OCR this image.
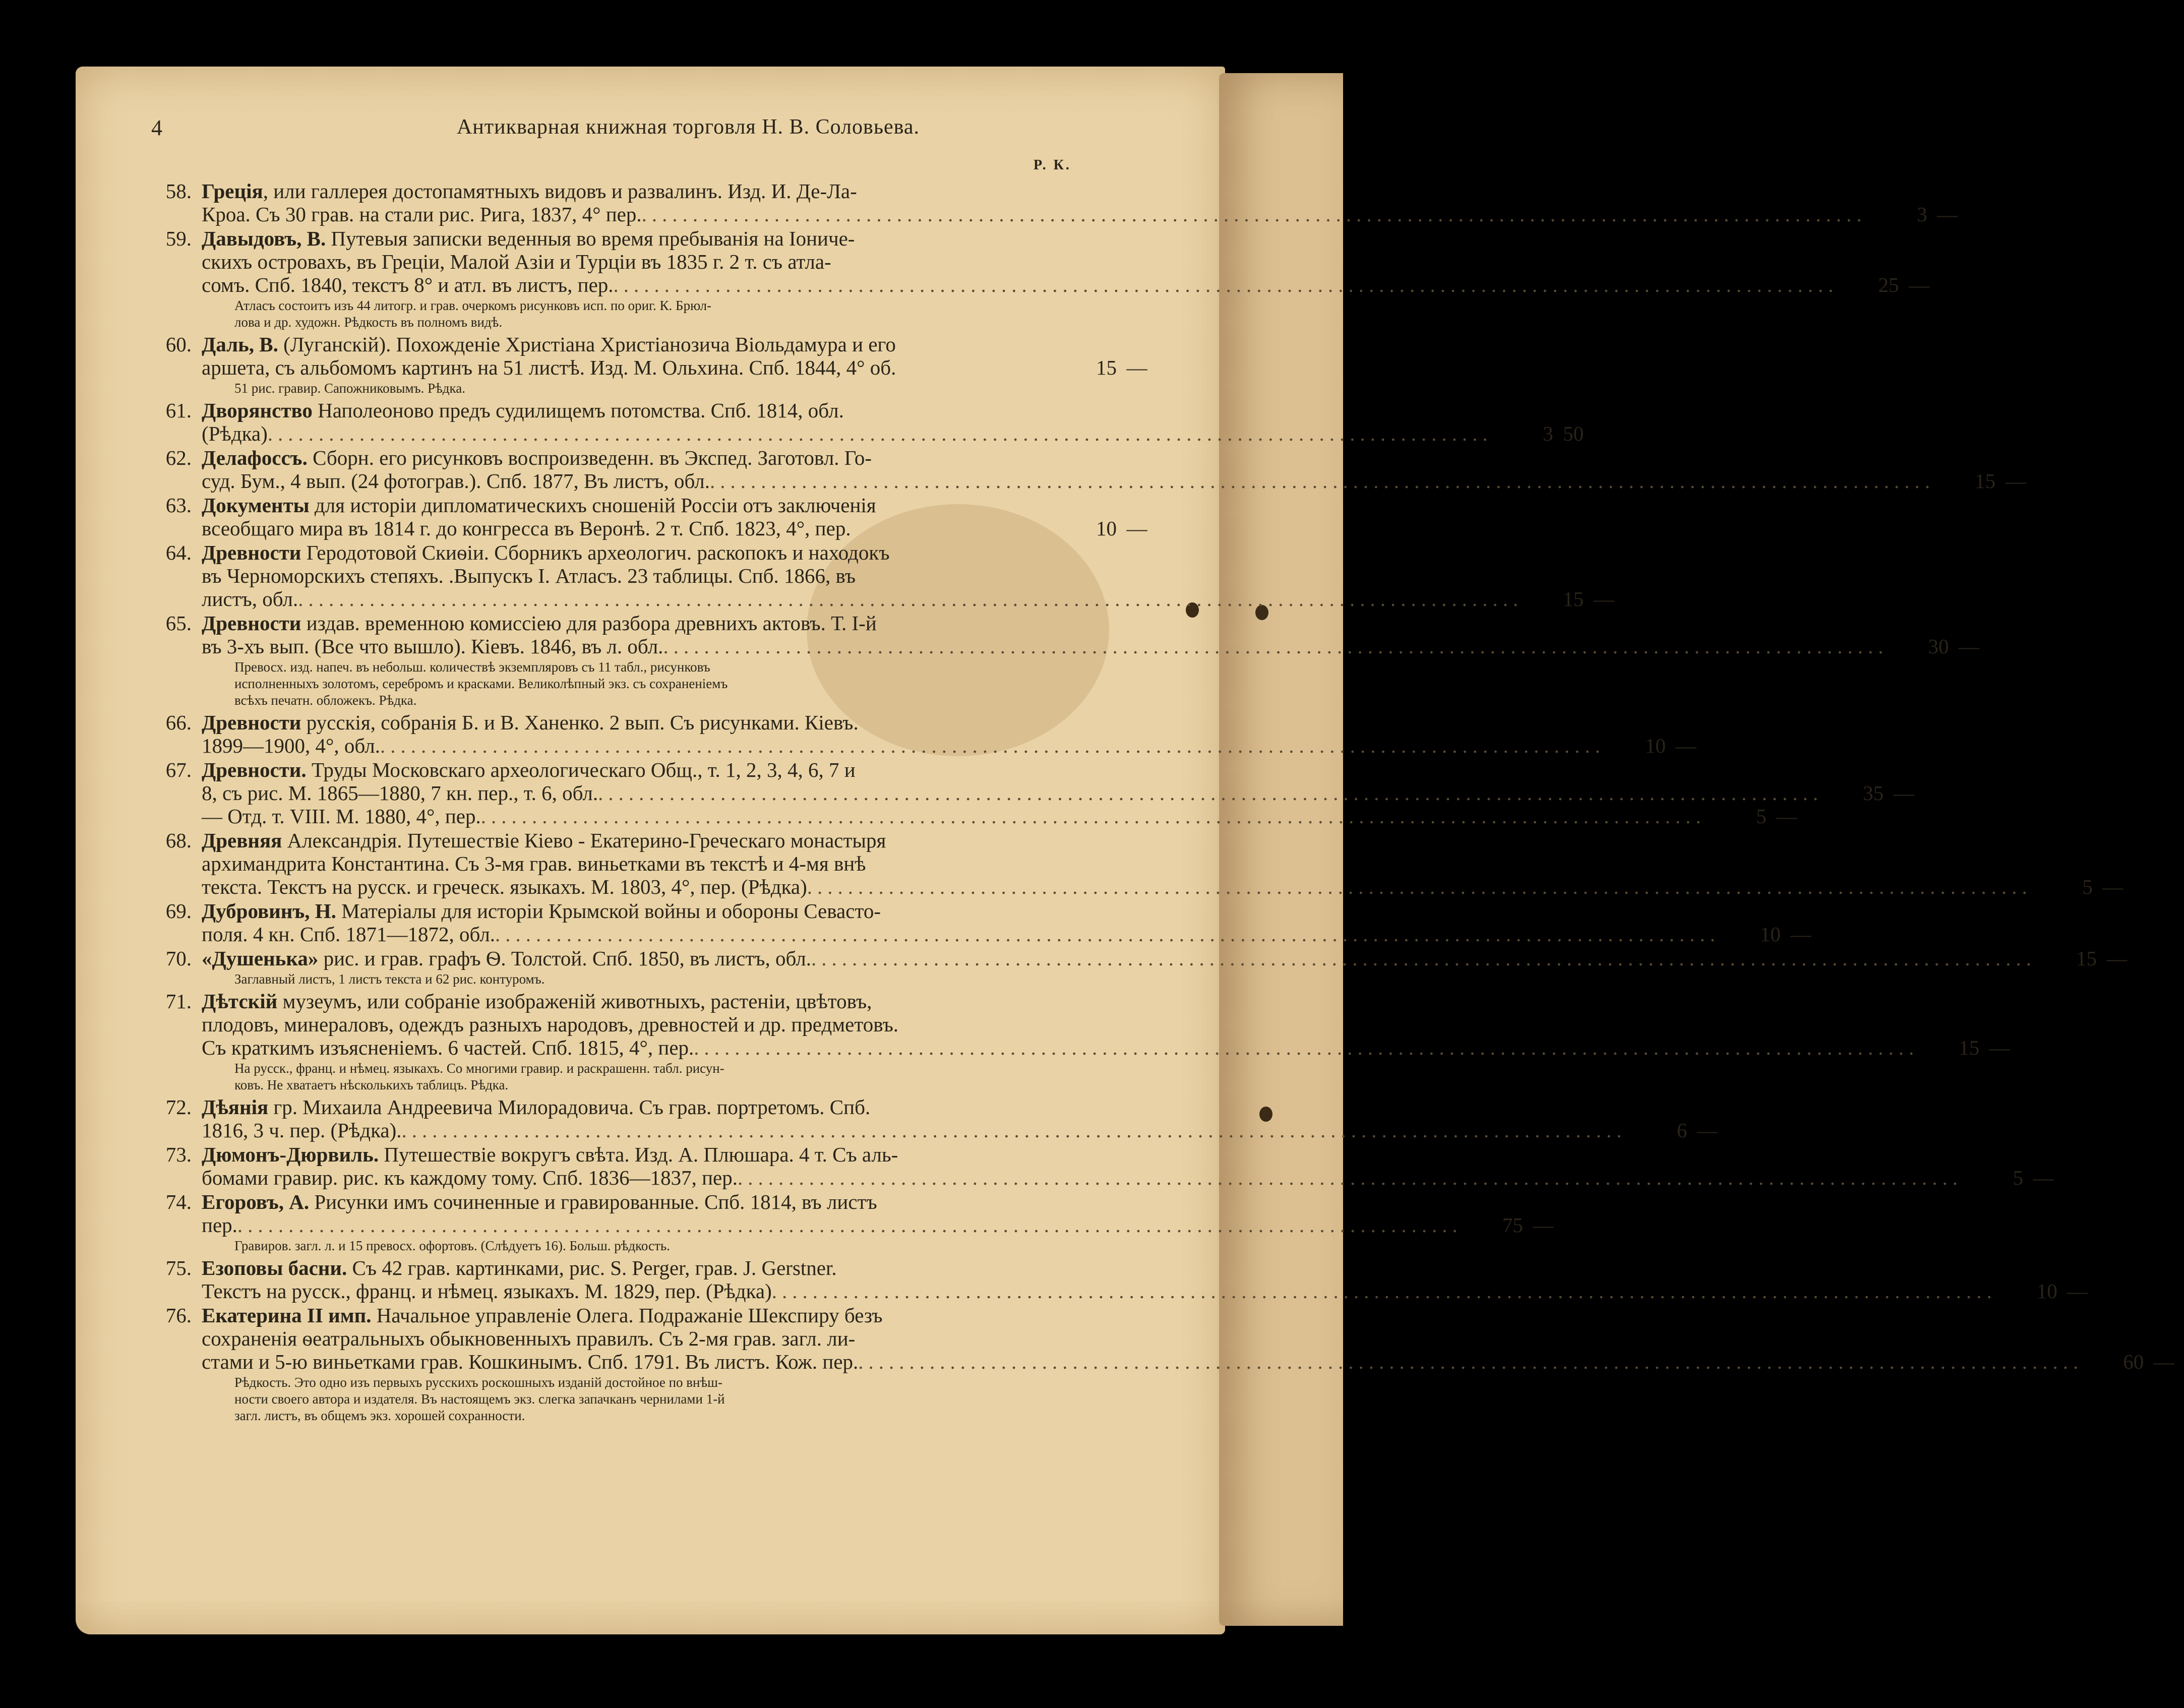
4	Антикварная книжная торговля Н. В. Соловьева.
Р. К.
58. Греція, или галлерея достопамятныхъ видовъ и развалинъ. Изд. И. Де-Ла-
Кроа. Съ 30 грав. на стали рис. Рига, 1837, 4° пер. ........................................................................................................................	3 —
59. Давыдовъ, В. Путевыя записки веденныя во время пребыванія на Іониче-
скихъ островахъ, въ Греціи, Малой Азіи и Турціи въ 1835 г. 2 т. съ атла-
сомъ. Спб. 1840, текстъ 8° и атл. въ листъ, пер. ........................................................................................................................	25 —
Атласъ состоитъ изъ 44 литогр. и грав. очеркомъ рисунковъ исп. по ориг. К. Брюл-
лова и др. художн. Рѣдкость въ полномъ видѣ.
60. Даль, В. (Луганскій). Похожденіе Христіана Христіанозича Віольдамура и его
аршета, съ альбомомъ картинъ на 51 листѣ. Изд. М. Ольхина. Спб. 1844, 4° об.	15 —
51 рис. гравир. Сапожниковымъ. Рѣдка.
61. Дворянство Наполеоново предъ судилищемъ потомства. Спб. 1814, обл.
(Рѣдка) ........................................................................................................................	3 50
62. Делафоссъ. Сборн. его рисунковъ воспроизведенн. въ Экспед. Заготовл. Го-
суд. Бум., 4 вып. (24 фотограв.). Спб. 1877, Въ листъ, обл. ........................................................................................................................	15 —
63. Документы для исторіи дипломатическихъ сношеній Россіи отъ заключенія
всеобщаго мира въ 1814 г. до конгресса въ Веронѣ. 2 т. Спб. 1823, 4°, пер.	10 —
64. Древности Геродотовой Скиѳіи. Сборникъ археологич. раскопокъ и находокъ
въ Черноморскихъ степяхъ. .Выпускъ I. Атласъ. 23 таблицы. Спб. 1866, въ
листъ, обл. ........................................................................................................................	15 —
65. Древности издав. временною комиссіею для разбора древнихъ актовъ. Т. I-й
въ 3-хъ вып. (Все что вышло). Кіевъ. 1846, въ л. обл. ........................................................................................................................	30 —
Превосх. изд. напеч. въ небольш. количествѣ экземпляровъ съ 11 табл., рисунковъ
исполненныхъ золотомъ, серебромъ и красками. Великолѣпный экз. съ сохраненіемъ
всѣхъ печатн. обложекъ. Рѣдка.
66. Древности русскія, собранія Б. и В. Ханенко. 2 вып. Съ рисунками. Кіевъ.
1899—1900, 4°, обл. ........................................................................................................................	10 —
67. Древности. Труды Московскаго археологическаго Общ., т. 1, 2, 3, 4, 6, 7 и
8, съ рис. М. 1865—1880, 7 кн. пер., т. 6, обл. ........................................................................................................................	35 —
— Отд. т. VIII. М. 1880, 4°, пер. ........................................................................................................................	5 —
68. Древняя Александрія. Путешествіе Кіево - Екатерино-Греческаго монастыря
архимандрита Константина. Съ 3-мя грав. виньетками въ текстѣ и 4-мя внѣ
текста. Текстъ на русск. и греческ. языкахъ. М. 1803, 4°, пер. (Рѣдка) ........................................................................................................................	5 —
69. Дубровинъ, Н. Матеріалы для исторіи Крымской войны и обороны Севасто-
поля. 4 кн. Спб. 1871—1872, обл. ........................................................................................................................	10 —
70. «Душенька» рис. и грав. графъ Ѳ. Толстой. Спб. 1850, въ листъ, обл. ........................................................................................................................	15 —
Заглавный листъ, 1 листъ текста и 62 рис. контуромъ.
71. Дѣтскій музеумъ, или собраніе изображеній животныхъ, растеніи, цвѣтовъ,
плодовъ, минераловъ, одеждъ разныхъ народовъ, древностей и др. предметовъ.
Съ краткимъ изъясненіемъ. 6 частей. Спб. 1815, 4°, пер. ........................................................................................................................	15 —
На русск., франц. и нѣмец. языкахъ. Со многими гравир. и раскрашенн. табл. рисун-
ковъ. Не хватаетъ нѣсколькихъ таблицъ. Рѣдка.
72. Дѣянія гр. Михаила Андреевича Милорадовича. Съ грав. портретомъ. Спб.
1816, 3 ч. пер. (Рѣдка). ........................................................................................................................	6 —
73. Дюмонъ-Дюрвиль. Путешествіе вокругъ свѣта. Изд. А. Плюшара. 4 т. Съ аль-
бомами гравир. рис. къ каждому тому. Спб. 1836—1837, пер. ........................................................................................................................	5 —
74. Егоровъ, А. Рисунки имъ сочиненные и гравированные. Спб. 1814, въ листъ
пер. ........................................................................................................................	75 —
Гравиров. загл. л. и 15 превосх. офортовъ. (Слѣдуетъ 16). Больш. рѣдкость.
75. Езоповы басни. Съ 42 грав. картинками, рис. S. Perger, грав. J. Gerstner.
Текстъ на русск., франц. и нѣмец. языкахъ. М. 1829, пер. (Рѣдка) ........................................................................................................................	10 —
76. Екатерина II имп. Начальное управленіе Олега. Подражаніе Шекспиру безъ
сохраненія ѳеатральныхъ обыкновенныхъ правилъ. Съ 2-мя грав. загл. ли-
стами и 5-ю виньетками грав. Кошкинымъ. Спб. 1791. Въ листъ. Кож. пер. ........................................................................................................................	60 —
Рѣдкость. Это одно изъ первыхъ русскихъ роскошныхъ изданій достойное по внѣш-
ности своего автора и издателя. Въ настоящемъ экз. слегка запачканъ чернилами 1-й
загл. листъ, въ общемъ экз. хорошей сохранности.
